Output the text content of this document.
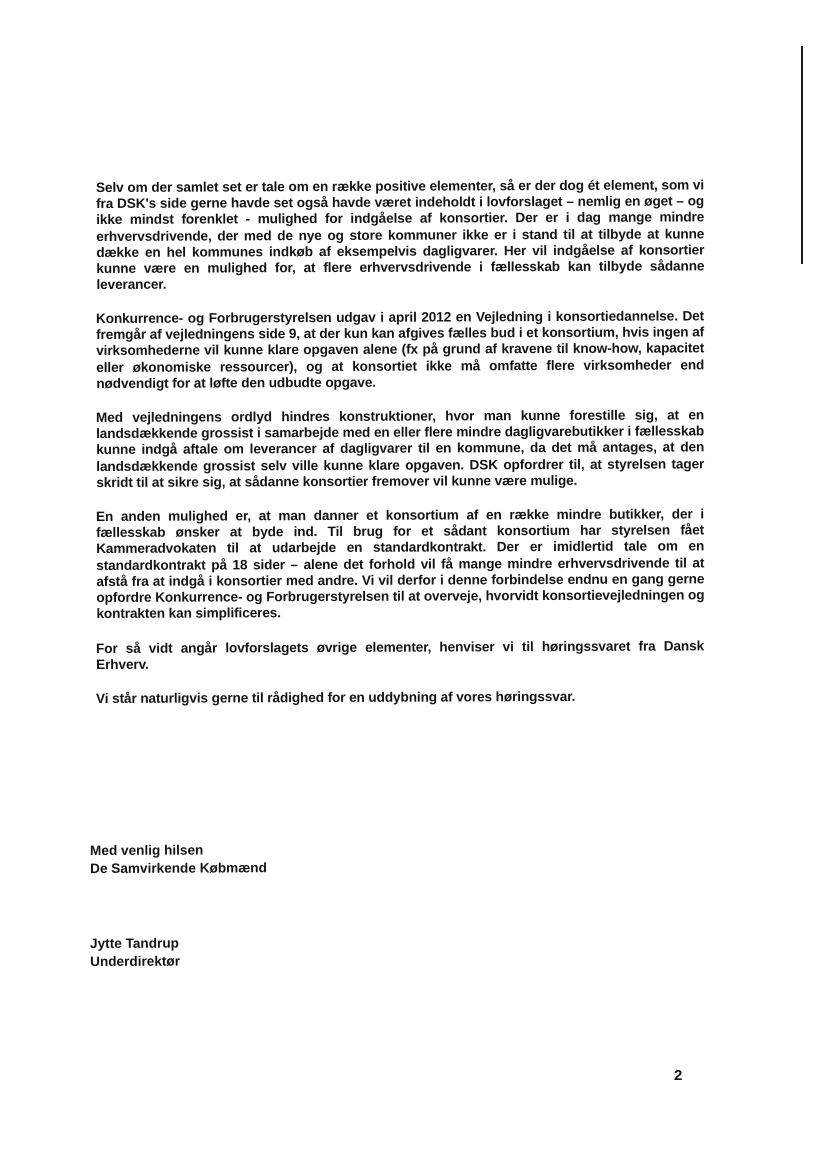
Selv om der samlet set er tale om en række positive elementer, så er der dog ét element, som vi fra DSK's side gerne havde set også havde været indeholdt i lovforslaget – nemlig en øget – og ikke mindst forenklet - mulighed for indgåelse af konsortier. Der er i dag mange mindre erhvervsdrivende, der med de nye og store kommuner ikke er i stand til at tilbyde at kunne dække en hel kommunes indkøb af eksempelvis dagligvarer. Her vil indgåelse af konsortier kunne være en mulighed for, at flere erhvervsdrivende i fællesskab kan tilbyde sådanne leverancer.

Konkurrence- og Forbrugerstyrelsen udgav i april 2012 en Vejledning i konsortiedannelse. Det fremgår af vejledningens side 9, at der kun kan afgives fælles bud i et konsortium, hvis ingen af virksomhederne vil kunne klare opgaven alene (fx på grund af kravene til know-how, kapacitet eller økonomiske ressourcer), og at konsortiet ikke må omfatte flere virksomheder end nødvendigt for at løfte den udbudte opgave.

Med vejledningens ordlyd hindres konstruktioner, hvor man kunne forestille sig, at en landsdækkende grossist i samarbejde med en eller flere mindre dagligvarebutikker i fællesskab kunne indgå aftale om leverancer af dagligvarer til en kommune, da det må antages, at den landsdækkende grossist selv ville kunne klare opgaven. DSK opfordrer til, at styrelsen tager skridt til at sikre sig, at sådanne konsortier fremover vil kunne være mulige.

En anden mulighed er, at man danner et konsortium af en række mindre butikker, der i fællesskab ønsker at byde ind. Til brug for et sådant konsortium har styrelsen fået Kammeradvokaten til at udarbejde en standardkontrakt. Der er imidlertid tale om en standardkontrakt på 18 sider – alene det forhold vil få mange mindre erhvervsdrivende til at afstå fra at indgå i konsortier med andre. Vi vil derfor i denne forbindelse endnu en gang gerne opfordre Konkurrence- og Forbrugerstyrelsen til at overveje, hvorvidt konsortievejledningen og kontrakten kan simplificeres.

For så vidt angår lovforslagets øvrige elementer, henviser vi til høringssvaret fra Dansk Erhverv.

Vi står naturligvis gerne til rådighed for en uddybning af vores høringssvar.

Med venlig hilsen
De Samvirkende Købmænd
Jytte Tandrup
Underdirektør
2
